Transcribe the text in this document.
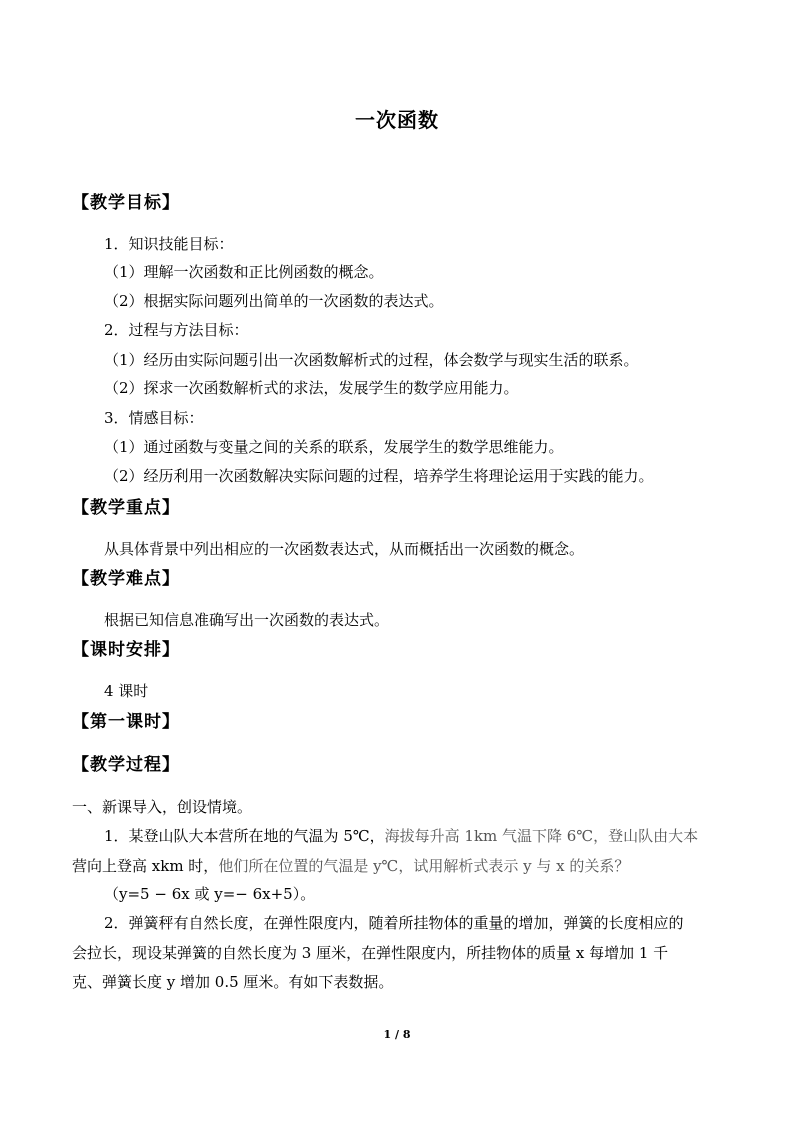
一次函数
【教学目标】
1．知识技能目标：
（1）理解一次函数和正比例函数的概念。
（2）根据实际问题列出简单的一次函数的表达式。
2．过程与方法目标：
（1）经历由实际问题引出一次函数解析式的过程，体会数学与现实生活的联系。
（2）探求一次函数解析式的求法，发展学生的数学应用能力。
3．情感目标：
（1）通过函数与变量之间的关系的联系，发展学生的数学思维能力。
（2）经历利用一次函数解决实际问题的过程，培养学生将理论运用于实践的能力。
【教学重点】
从具体背景中列出相应的一次函数表达式，从而概括出一次函数的概念。
【教学难点】
根据已知信息准确写出一次函数的表达式。
【课时安排】
4 课时
【第一课时】
【教学过程】
一、新课导入，创设情境。
1．某登山队大本营所在地的气温为 5℃，海拔每升高 1km 气温下降 6℃，登山队由大本
营向上登高 xkm 时，他们所在位置的气温是 y℃，试用解析式表示 y 与 x 的关系？
（y=5 − 6x 或 y=− 6x+5）。
2．弹簧秤有自然长度，在弹性限度内，随着所挂物体的重量的增加，弹簧的长度相应的
会拉长，现设某弹簧的自然长度为 3 厘米，在弹性限度内，所挂物体的质量 x 每增加 1 千
克、弹簧长度 y 增加 0.5 厘米。有如下表数据。
1 / 8
